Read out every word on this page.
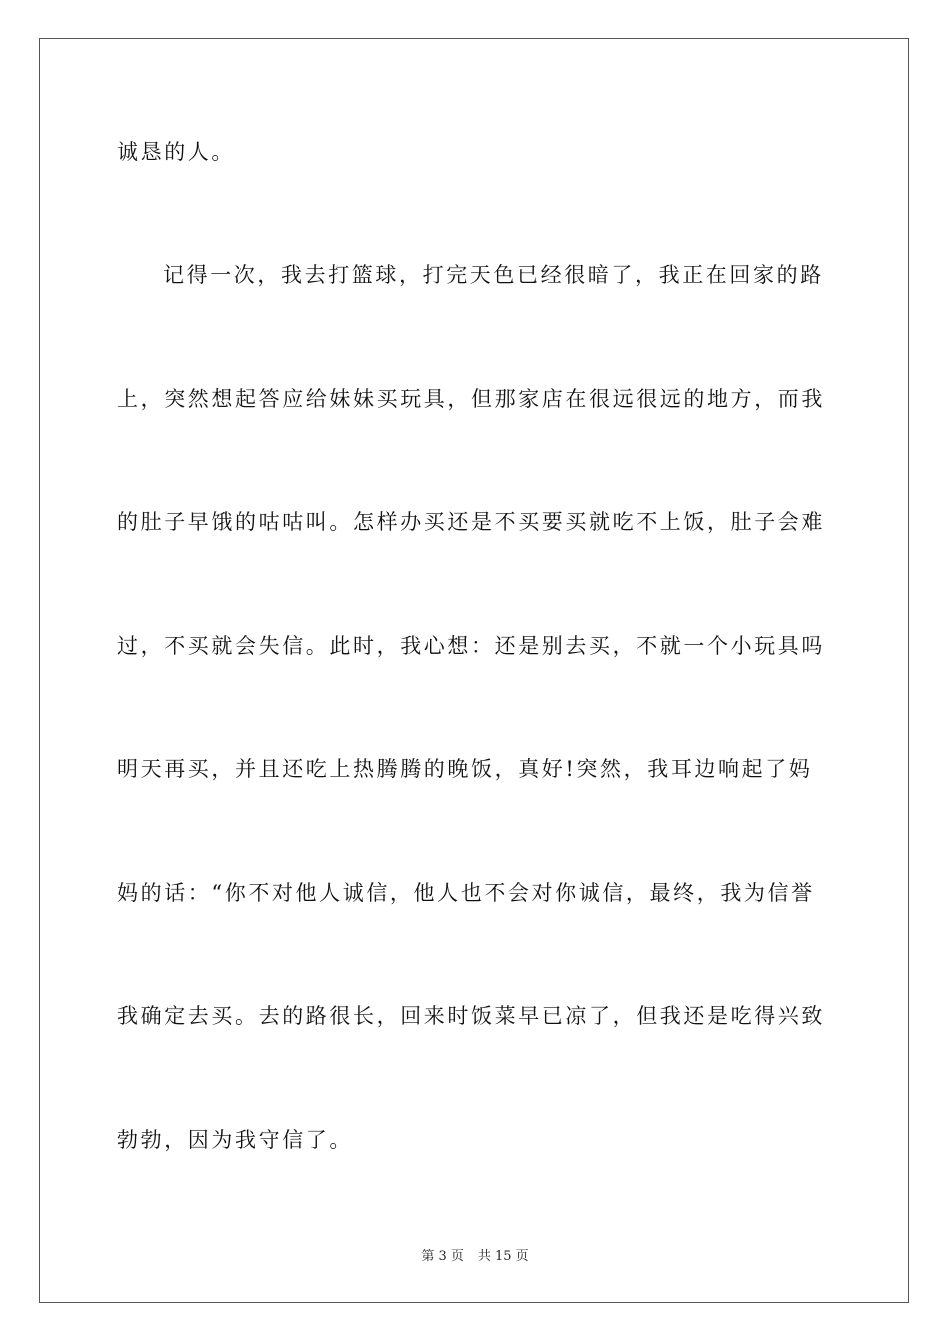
诚恳的人。
记得一次，我去打篮球，打完天色已经很暗了，我正在回家的路
上，突然想起答应给妹妹买玩具，但那家店在很远很远的地方，而我
的肚子早饿的咕咕叫。怎样办买还是不买要买就吃不上饭，肚子会难
过，不买就会失信。此时，我心想：还是别去买，不就一个小玩具吗
明天再买，并且还吃上热腾腾的晚饭，真好!突然，我耳边响起了妈
妈的话：“你不对他人诚信，他人也不会对你诚信，最终，我为信誉
我确定去买。去的路很长，回来时饭菜早已凉了，但我还是吃得兴致
勃勃，因为我守信了。
第 3 页 共 15 页
